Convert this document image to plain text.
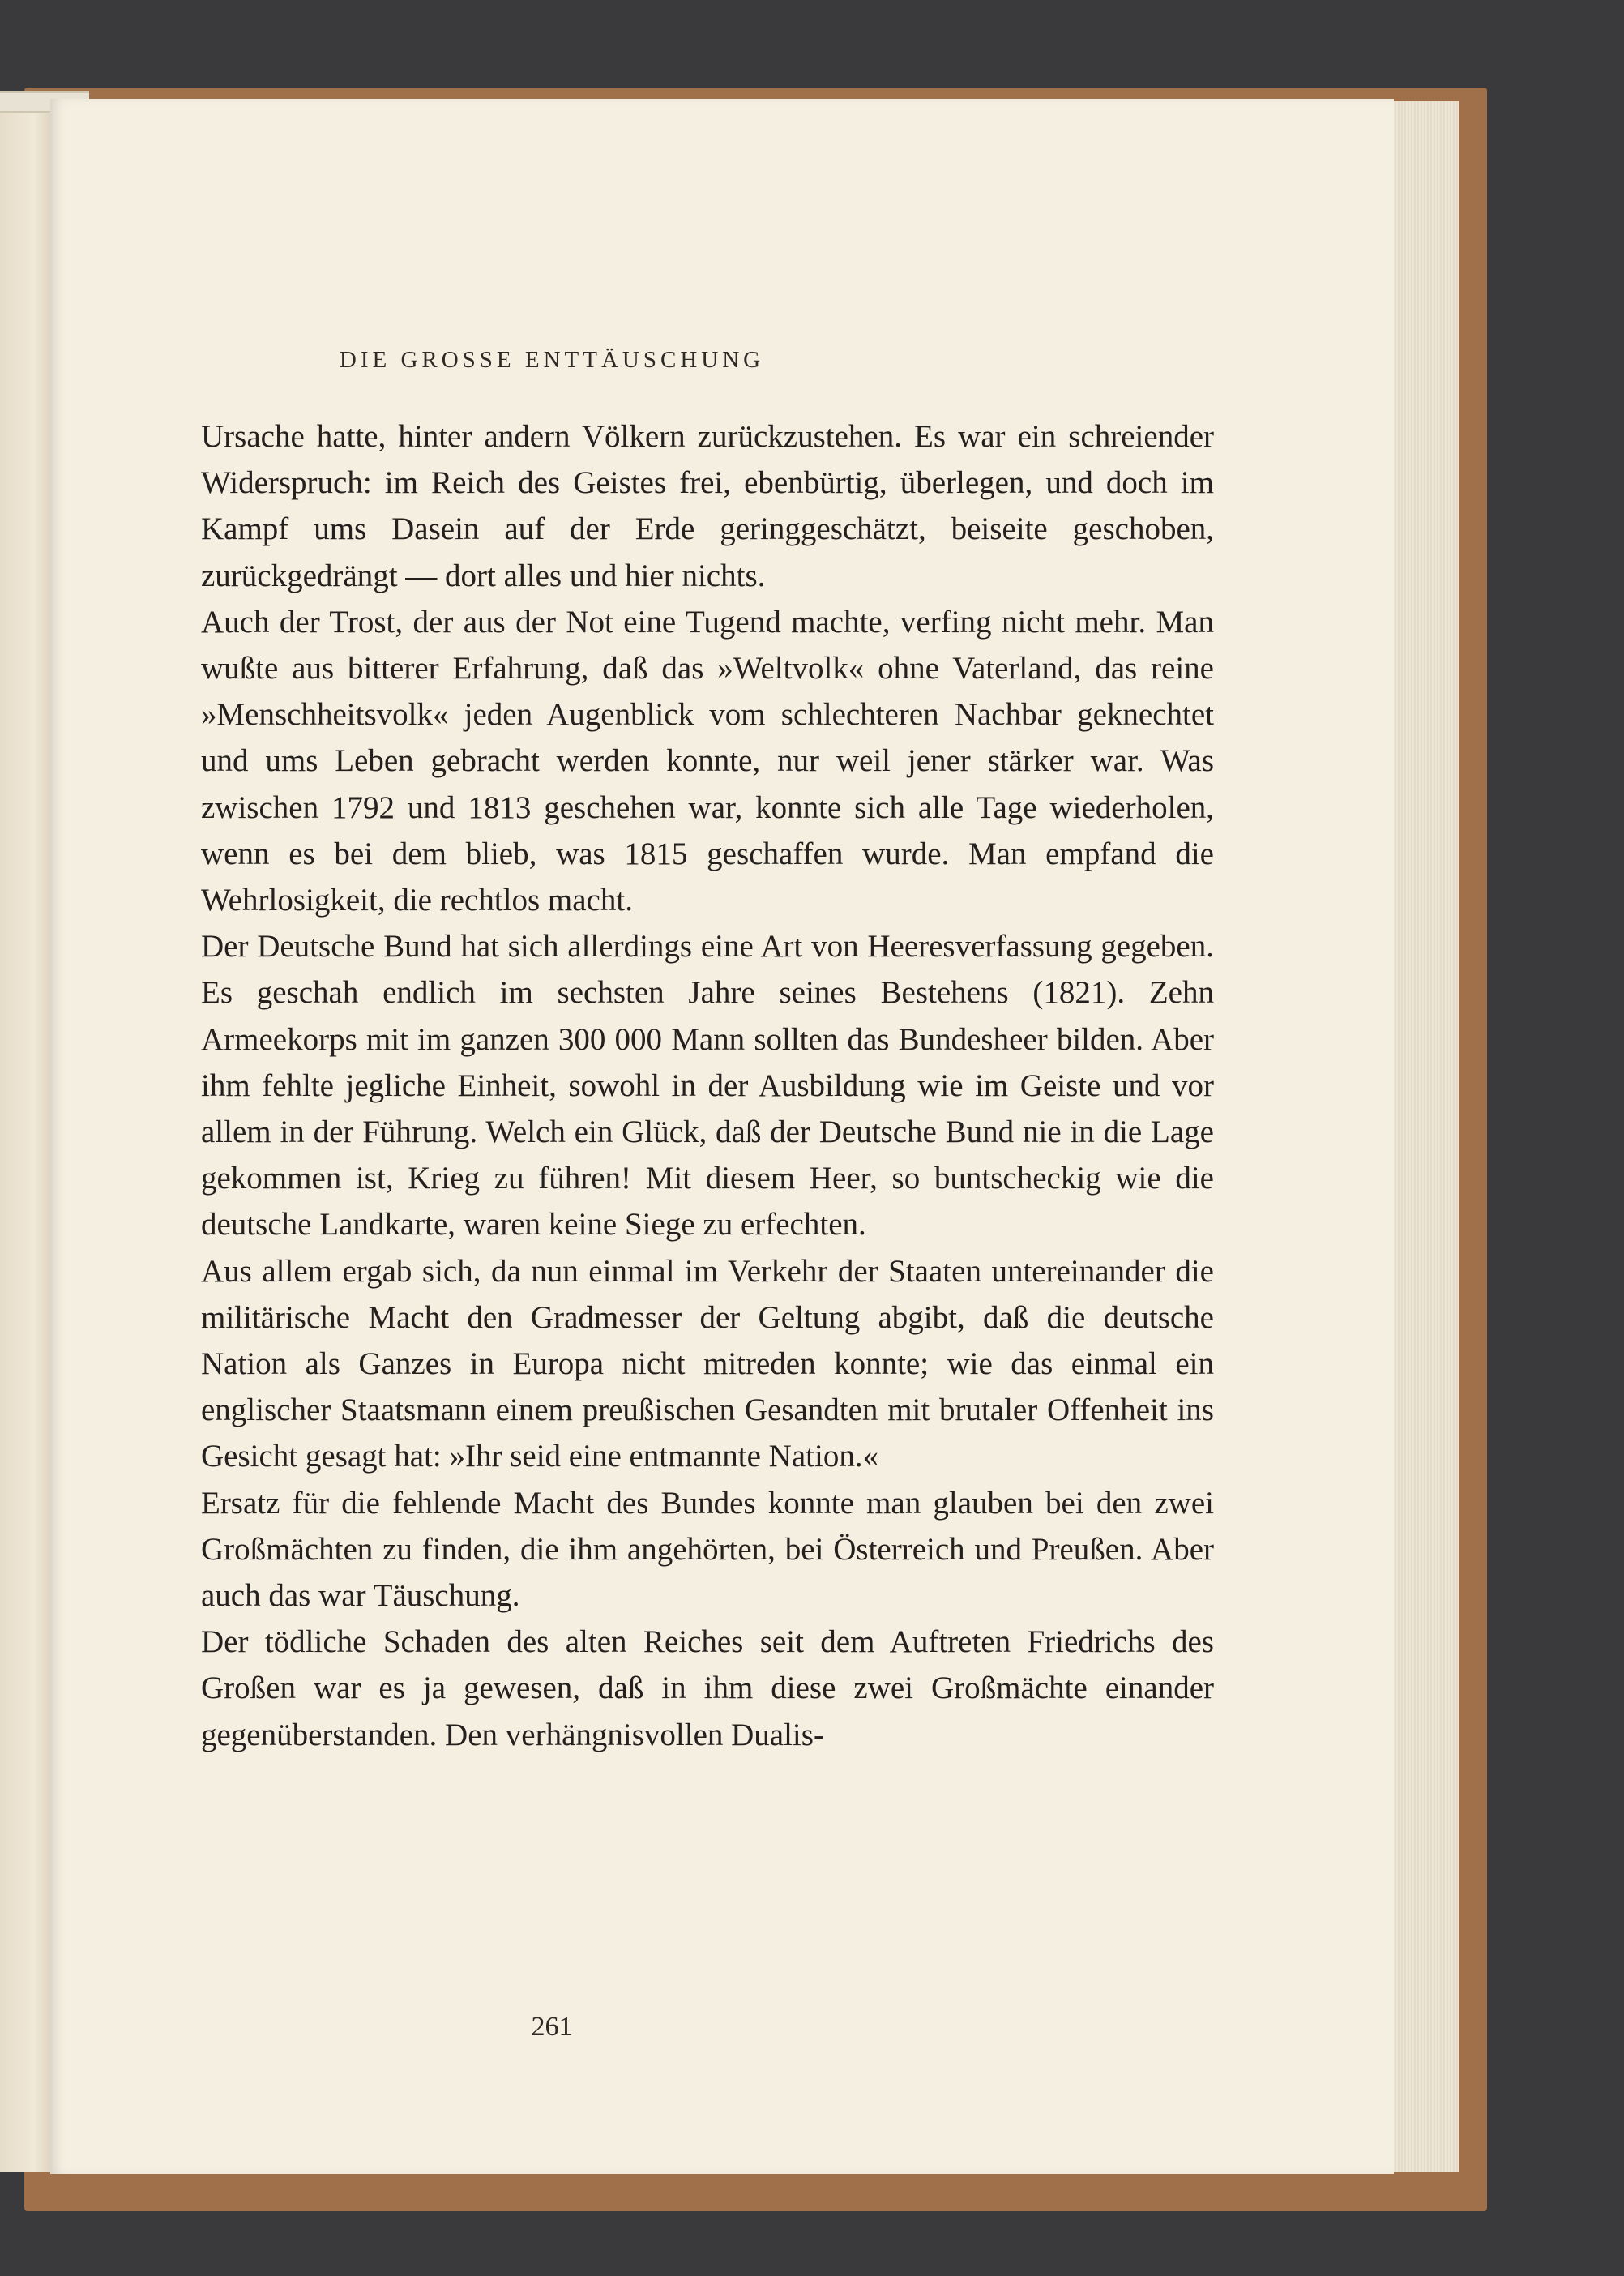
DIE GROSSE ENTTÄUSCHUNG

Ursache hatte, hinter andern Völkern zurückzustehen. Es war ein schreiender Widerspruch: im Reich des Geistes frei, ebenbürtig, überlegen, und doch im Kampf ums Dasein auf der Erde geringgeschätzt, beiseite geschoben, zurückgedrängt — dort alles und hier nichts.

Auch der Trost, der aus der Not eine Tugend machte, verfing nicht mehr. Man wußte aus bitterer Erfahrung, daß das »Weltvolk« ohne Vaterland, das reine »Menschheitsvolk« jeden Augenblick vom schlechteren Nachbar geknechtet und ums Leben gebracht werden konnte, nur weil jener stärker war. Was zwischen 1792 und 1813 geschehen war, konnte sich alle Tage wiederholen, wenn es bei dem blieb, was 1815 geschaffen wurde. Man empfand die Wehrlosigkeit, die rechtlos macht.

Der Deutsche Bund hat sich allerdings eine Art von Heeresverfassung gegeben. Es geschah endlich im sechsten Jahre seines Bestehens (1821). Zehn Armeekorps mit im ganzen 300 000 Mann sollten das Bundesheer bilden. Aber ihm fehlte jegliche Einheit, sowohl in der Ausbildung wie im Geiste und vor allem in der Führung. Welch ein Glück, daß der Deutsche Bund nie in die Lage gekommen ist, Krieg zu führen! Mit diesem Heer, so buntscheckig wie die deutsche Landkarte, waren keine Siege zu erfechten.

Aus allem ergab sich, da nun einmal im Verkehr der Staaten untereinander die militärische Macht den Gradmesser der Geltung abgibt, daß die deutsche Nation als Ganzes in Europa nicht mitreden konnte; wie das einmal ein englischer Staatsmann einem preußischen Gesandten mit brutaler Offenheit ins Gesicht gesagt hat: »Ihr seid eine entmannte Nation.«

Ersatz für die fehlende Macht des Bundes konnte man glauben bei den zwei Großmächten zu finden, die ihm angehörten, bei Österreich und Preußen. Aber auch das war Täuschung.

Der tödliche Schaden des alten Reiches seit dem Auftreten Friedrichs des Großen war es ja gewesen, daß in ihm diese zwei Großmächte einander gegenüberstanden. Den verhängnisvollen Dualis-

261
